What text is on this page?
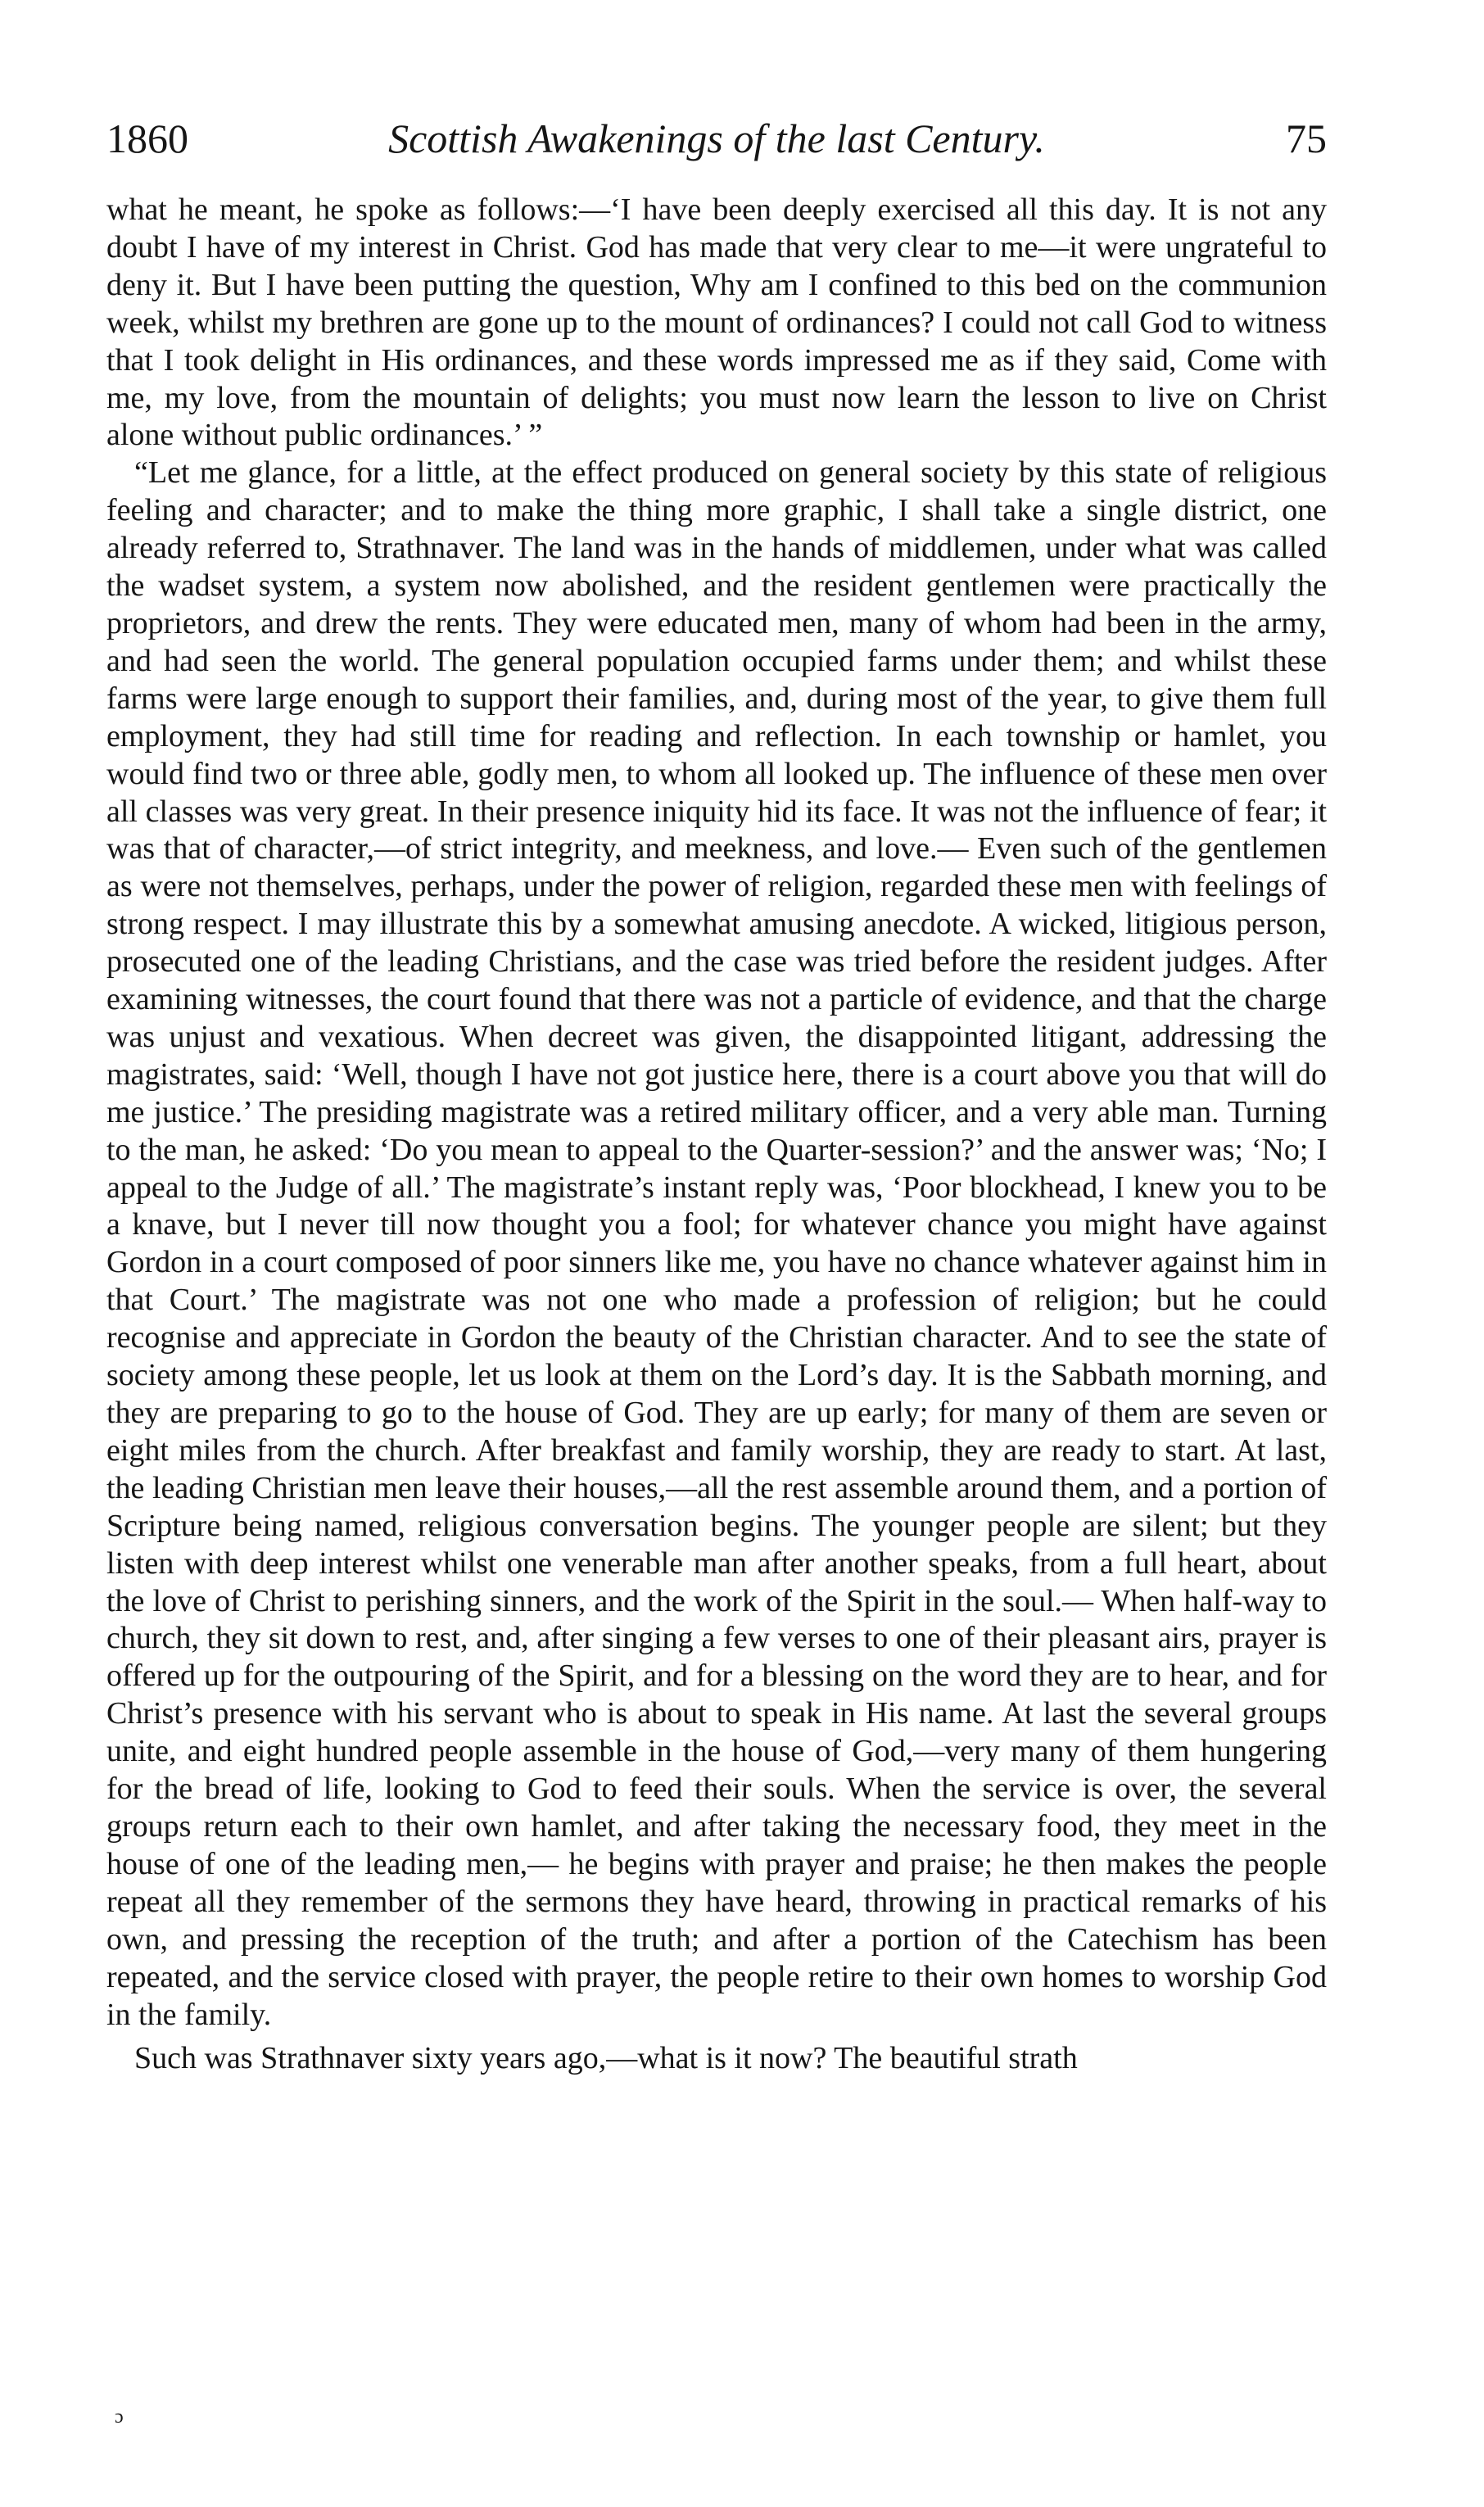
1860	Scottish Awakenings of the last Century.	75

what he meant, he spoke as follows:—‘I have been deeply exercised all this day. It is not any doubt I have of my interest in Christ. God has made that very clear to me—it were ungrateful to deny it. But I have been putting the question, Why am I confined to this bed on the communion week, whilst my brethren are gone up to the mount of ordinances? I could not call God to witness that I took delight in His ordinances, and these words impressed me as if they said, Come with me, my love, from the mountain of delights; you must now learn the lesson to live on Christ alone without public ordinances.’ ”

“Let me glance, for a little, at the effect produced on general society by this state of religious feeling and character; and to make the thing more graphic, I shall take a single district, one already referred to, Strathnaver. The land was in the hands of middlemen, under what was called the wadset system, a system now abolished, and the resident gentlemen were practically the proprietors, and drew the rents. They were educated men, many of whom had been in the army, and had seen the world. The general population occupied farms under them; and whilst these farms were large enough to support their families, and, during most of the year, to give them full employment, they had still time for reading and reflection. In each township or hamlet, you would find two or three able, godly men, to whom all looked up. The influence of these men over all classes was very great. In their presence iniquity hid its face. It was not the influence of fear; it was that of character,—of strict integrity, and meekness, and love.— Even such of the gentlemen as were not themselves, perhaps, under the power of religion, regarded these men with feelings of strong respect. I may illustrate this by a somewhat amusing anecdote. A wicked, litigious person, prosecuted one of the leading Christians, and the case was tried before the resident judges. After examining witnesses, the court found that there was not a particle of evidence, and that the charge was unjust and vexatious. When decreet was given, the disappointed litigant, addressing the magistrates, said: ‘Well, though I have not got justice here, there is a court above you that will do me justice.’ The presiding magistrate was a retired military officer, and a very able man. Turning to the man, he asked: ‘Do you mean to appeal to the Quarter-session?’ and the answer was; ‘No; I appeal to the Judge of all.’ The magistrate’s instant reply was, ‘Poor blockhead, I knew you to be a knave, but I never till now thought you a fool; for whatever chance you might have against Gordon in a court composed of poor sinners like me, you have no chance whatever against him in that Court.’ The magistrate was not one who made a profession of religion; but he could recognise and appreciate in Gordon the beauty of the Christian character. And to see the state of society among these people, let us look at them on the Lord’s day. It is the Sabbath morning, and they are preparing to go to the house of God. They are up early; for many of them are seven or eight miles from the church. After breakfast and family worship, they are ready to start. At last, the leading Christian men leave their houses,—all the rest assemble around them, and a portion of Scripture being named, religious conversation begins. The younger people are silent; but they listen with deep interest whilst one venerable man after another speaks, from a full heart, about the love of Christ to perishing sinners, and the work of the Spirit in the soul.— When half-way to church, they sit down to rest, and, after singing a few verses to one of their pleasant airs, prayer is offered up for the outpouring of the Spirit, and for a blessing on the word they are to hear, and for Christ’s presence with his servant who is about to speak in His name. At last the several groups unite, and eight hundred people assemble in the house of God,—very many of them hungering for the bread of life, looking to God to feed their souls. When the service is over, the several groups return each to their own hamlet, and after taking the necessary food, they meet in the house of one of the leading men,— he begins with prayer and praise; he then makes the people repeat all they remember of the sermons they have heard, throwing in practical remarks of his own, and pressing the reception of the truth; and after a portion of the Catechism has been repeated, and the service closed with prayer, the people retire to their own homes to worship God in the family.

Such was Strathnaver sixty years ago,—what is it now? The beautiful strath

ɔ
